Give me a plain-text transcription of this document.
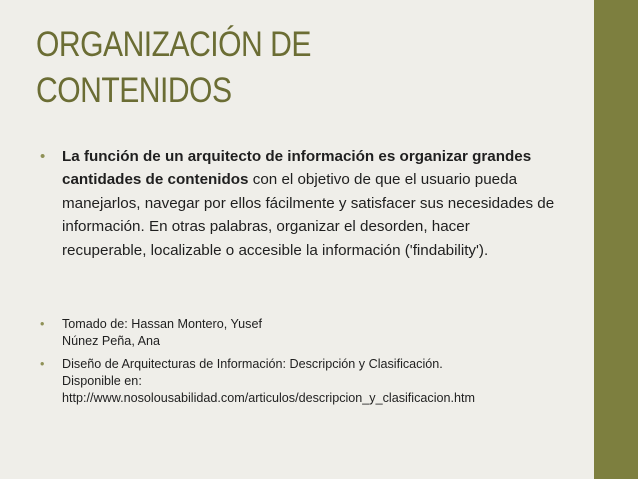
ORGANIZACIÓN DE
CONTENIDOS
• La función de un arquitecto de información es organizar grandes cantidades de contenidos con el objetivo de que el usuario pueda manejarlos, navegar por ellos fácilmente y satisfacer sus necesidades de información. En otras palabras, organizar el desorden, hacer recuperable, localizable o accesible la información ('findability').
• Tomado de: Hassan Montero, Yusef
Núnez Peña, Ana
• Diseño de Arquitecturas de Información: Descripción y Clasificación.
Disponible en:
http://www.nosolousabilidad.com/articulos/descripcion_y_clasificacion.htm
